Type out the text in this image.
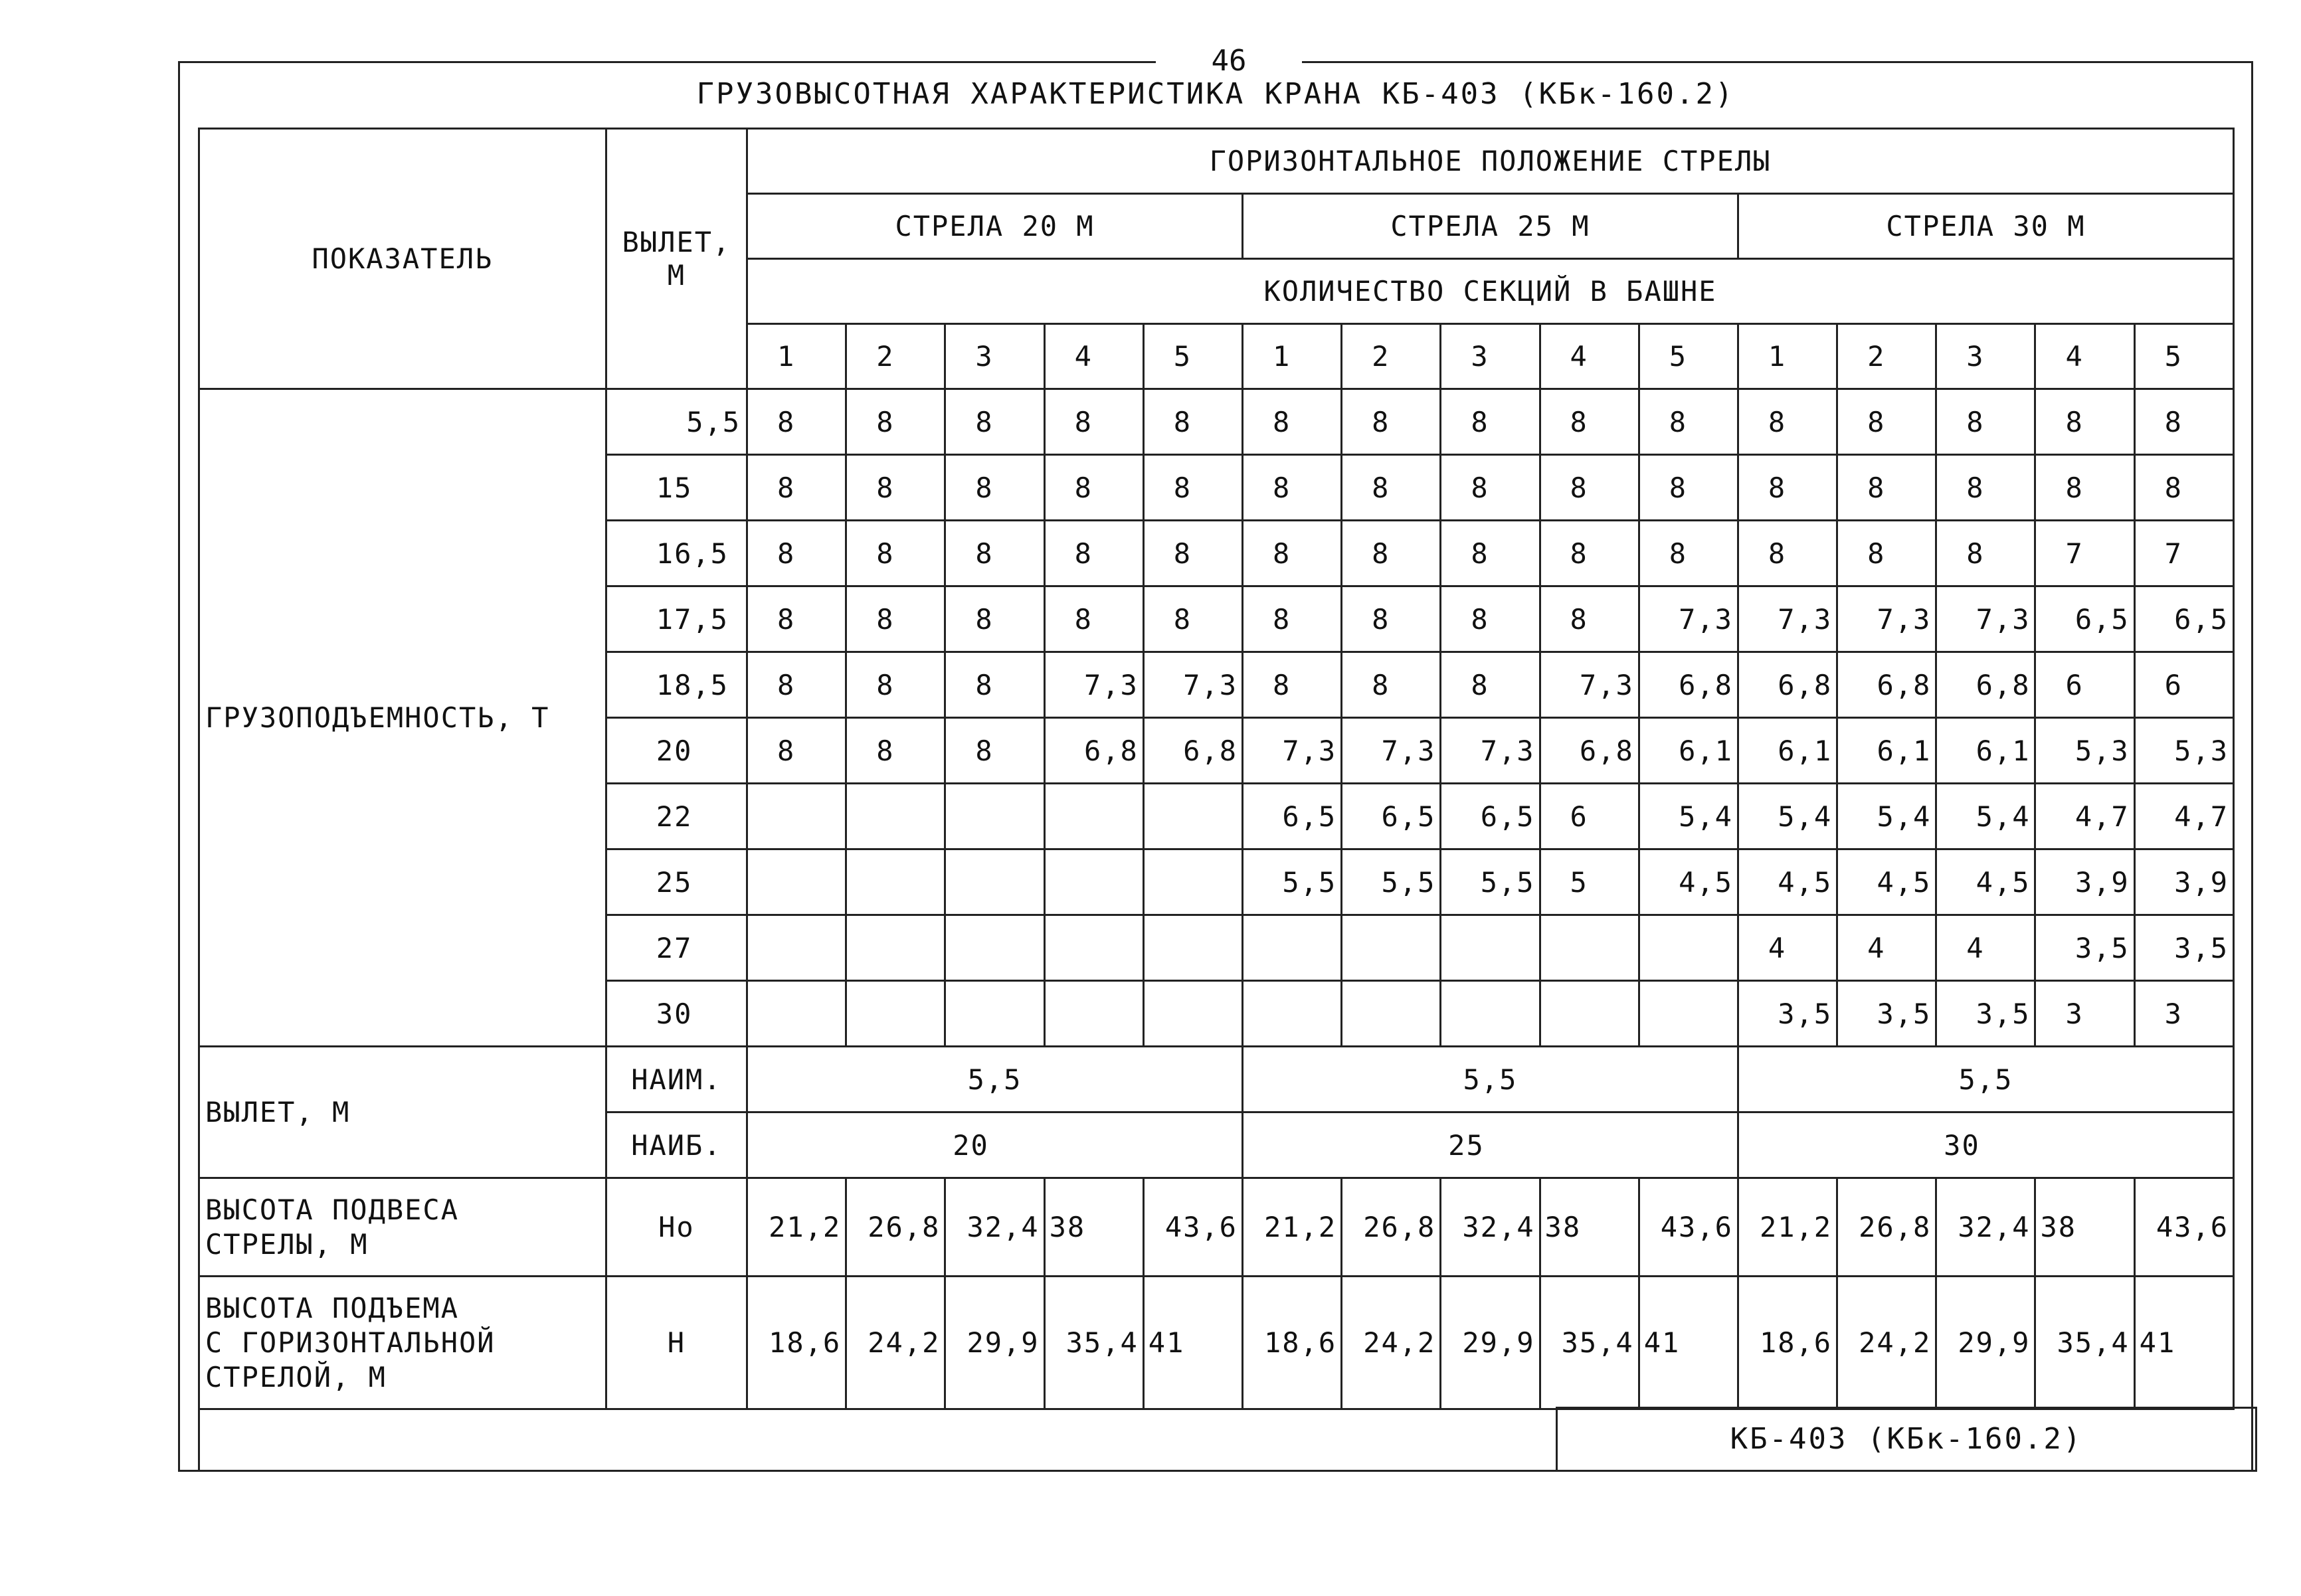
46
ГРУЗОВЫСОТНАЯ ХАРАКТЕРИСТИКА КРАНА КБ-403 (КБк-160.2)
ПОКАЗАТЕЛЬ	ВЫЛЕТ,
М	ГОРИЗОНТАЛЬНОЕ ПОЛОЖЕНИЕ СТРЕЛЫ														
		СТРЕЛА 20 М					СТРЕЛА 25 М					СТРЕЛА 30 М				
		КОЛИЧЕСТВО СЕКЦИЙ В БАШНЕ														
		1	2	3	4	5	1	2	3	4	5	1	2	3	4	5
ГРУЗОПОДЪЕМНОСТЬ, Т	5,5	8	8	8	8	8	8	8	8	8	8	8	8	8	8	8
	15	8	8	8	8	8	8	8	8	8	8	8	8	8	8	8
	16,5	8	8	8	8	8	8	8	8	8	8	8	8	8	7	7
	17,5	8	8	8	8	8	8	8	8	8	7,3	7,3	7,3	7,3	6,5	6,5
	18,5	8	8	8	7,3	7,3	8	8	8	7,3	6,8	6,8	6,8	6,8	6	6
	20	8	8	8	6,8	6,8	7,3	7,3	7,3	6,8	6,1	6,1	6,1	6,1	5,3	5,3
	22						6,5	6,5	6,5	6	5,4	5,4	5,4	5,4	4,7	4,7
	25						5,5	5,5	5,5	5	4,5	4,5	4,5	4,5	3,9	3,9
	27											4	4	4	3,5	3,5
	30											3,5	3,5	3,5	3	3
ВЫЛЕТ, М	НАИМ.	5,5					5,5					5,5				
	НАИБ.	20					25					30				
ВЫСОТА ПОДВЕСА
СТРЕЛЫ, М	Ho	21,2	26,8	32,4	38	43,6	21,2	26,8	32,4	38	43,6	21,2	26,8	32,4	38	43,6
ВЫСОТА ПОДЪЕМА
С ГОРИЗОНТАЛЬНОЙ
СТРЕЛОЙ, М	H	18,6	24,2	29,9	35,4	41	18,6	24,2	29,9	35,4	41	18,6	24,2	29,9	35,4	41
КБ-403 (КБк-160.2)
